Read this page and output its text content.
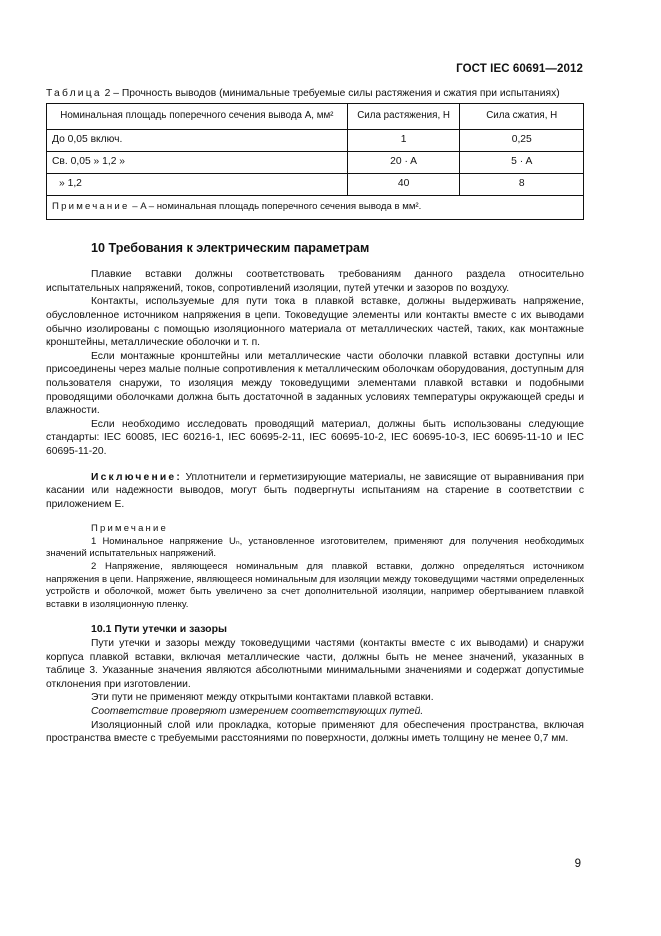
ГОСТ IEC 60691—2012
Таблица 2 – Прочность выводов (минимальные требуемые силы растяжения и сжатия при испытаниях)
Номинальная площадь поперечного сечения вывода A, мм²	Сила растяжения, Н	Сила сжатия, Н
До 0,05 включ.	1	0,25
Св. 0,05 » 1,2 »	20 · A	5 · A
» 1,2	40	8
Примечание – A – номинальная площадь поперечного сечения вывода в мм².		
10 Требования к электрическим параметрам

Плавкие вставки должны соответствовать требованиям данного раздела относительно испытательных напряжений, токов, сопротивлений изоляции, путей утечки и зазоров по воздуху.

Контакты, используемые для пути тока в плавкой вставке, должны выдерживать напряжение, обусловленное источником напряжения в цепи. Токоведущие элементы или контакты вместе с их выводами обычно изолированы с помощью изоляционного материала от металлических частей, таких, как монтажные кронштейны, металлические оболочки и т. п.

Если монтажные кронштейны или металлические части оболочки плавкой вставки доступны или присоединены через малые полные сопротивления к металлическим оболочкам оборудования, доступным для пользователя снаружи, то изоляция между токоведущими элементами плавкой вставки и подобными проводящими оболочками должна быть достаточной в заданных условиях температуры окружающей среды и влажности.

Если необходимо исследовать проводящий материал, должны быть использованы следующие стандарты: IEC 60085, IEC 60216-1, IEC 60695-2-11, IEC 60695-10-2, IEC 60695-10-3, IEC 60695-11-10 и IEC 60695-11-20.

Исключение: Уплотнители и герметизирующие материалы, не зависящие от выравнивания при касании или надежности выводов, могут быть подвергнуты испытаниям на старение в соответствии с приложением Е.

Примечание

1 Номинальное напряжение Uₙ, установленное изготовителем, применяют для получения необходимых значений испытательных напряжений.

2 Напряжение, являющееся номинальным для плавкой вставки, должно определяться источником напряжения в цепи. Напряжение, являющееся номинальным для изоляции между токоведущими частями определенных устройств и оболочкой, может быть увеличено за счет дополнительной изоляции, например обертыванием плавкой вставки в изоляционную пленку.

10.1 Пути утечки и зазоры

Пути утечки и зазоры между токоведущими частями (контакты вместе с их выводами) и снаружи корпуса плавкой вставки, включая металлические части, должны быть не менее значений, указанных в таблице 3. Указанные значения являются абсолютными минимальными значениями и содержат допустимые отклонения при изготовлении.

Эти пути не применяют между открытыми контактами плавкой вставки.

Соответствие проверяют измерением соответствующих путей.

Изоляционный слой или прокладка, которые применяют для обеспечения пространства, включая пространства вместе с требуемыми расстояниями по поверхности, должны иметь толщину не менее 0,7 мм.

9
